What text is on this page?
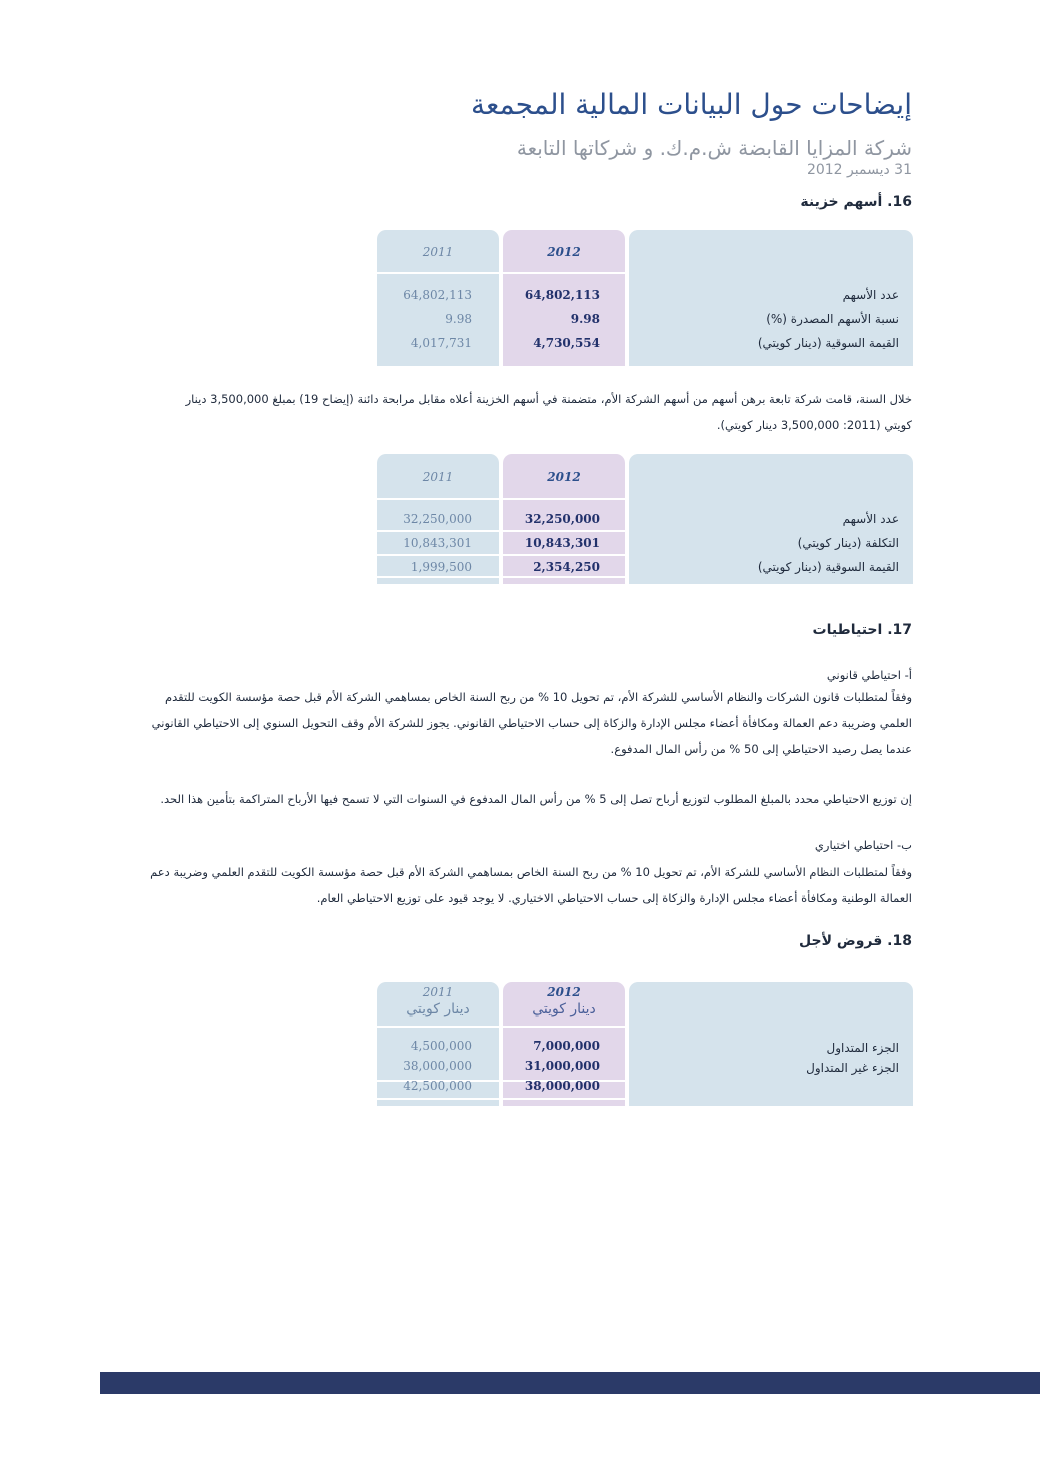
إيضاحات حول البيانات المالية المجمعة
شركة المزايا القابضة ش.م.ك. و شركاتها التابعة
31 ديسمبر 2012
16. أسهم خزينة
2011	2012
64,802,113	64,802,113	عدد الأسهم
9.98	9.98	نسبة الأسهم المصدرة (%)
4,017,731	4,730,554	القيمة السوقية (دينار كويتي)
خلال السنة، قامت شركة تابعة برهن أسهم من أسهم الشركة الأم، متضمنة في أسهم الخزينة أعلاه مقابل مرابحة دائنة (إيضاح 19) بمبلغ 3,500,000 دينار
كويتي (2011: 3,500,000 دينار كويتي).
2011	2012
32,250,000	32,250,000	عدد الأسهم
10,843,301	10,843,301	التكلفة (دينار كويتي)
1,999,500	2,354,250	القيمة السوقية (دينار كويتي)
17. احتياطيات
أ- احتياطي قانوني
وفقاً لمتطلبات قانون الشركات والنظام الأساسي للشركة الأم، تم تحويل 10 % من ربح السنة الخاص بمساهمي الشركة الأم قبل حصة مؤسسة الكويت للتقدم
العلمي وضريبة دعم العمالة ومكافأة أعضاء مجلس الإدارة والزكاة إلى حساب الاحتياطي القانوني. يجوز للشركة الأم وقف التحويل السنوي إلى الاحتياطي القانوني
عندما يصل رصيد الاحتياطي إلى 50 % من رأس المال المدفوع.
إن توزيع الاحتياطي محدد بالمبلغ المطلوب لتوزيع أرباح تصل إلى 5 % من رأس المال المدفوع في السنوات التي لا تسمح فيها الأرباح المتراكمة بتأمين هذا الحد.
ب- احتياطي اختياري
وفقاً لمتطلبات النظام الأساسي للشركة الأم، تم تحويل 10 % من ربح السنة الخاص بمساهمي الشركة الأم قبل حصة مؤسسة الكويت للتقدم العلمي وضريبة دعم
العمالة الوطنية ومكافأة أعضاء مجلس الإدارة والزكاة إلى حساب الاحتياطي الاختياري. لا يوجد قيود على توزيع الاحتياطي العام.
18. قروض لأجل
2011	2012
دينار كويتي	دينار كويتي
4,500,000	7,000,000	الجزء المتداول
38,000,000	31,000,000	الجزء غير المتداول
42,500,000	38,000,000
